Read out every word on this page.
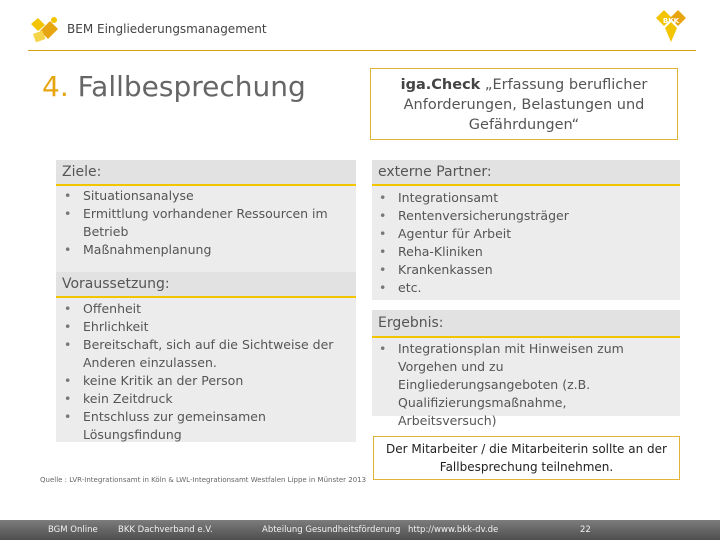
BEM Eingliederungsmanagement
BKK
4. Fallbesprechung	iga.Check „Erfassung beruflicher Anforderungen, Belastungen und Gefährdungen“
Ziele:
• Situationsanalyse
• Ermittlung vorhandener Ressourcen im Betrieb
• Maßnahmenplanung
Voraussetzung:
• Offenheit
• Ehrlichkeit
• Bereitschaft, sich auf die Sichtweise der Anderen einzulassen.
• keine Kritik an der Person
• kein Zeitdruck
• Entschluss zur gemeinsamen Lösungsfindung
externe Partner:
• Integrationsamt
• Rentenversicherungsträger
• Agentur für Arbeit
• Reha-Kliniken
• Krankenkassen
• etc.
Ergebnis:
• Integrationsplan mit Hinweisen zum Vorgehen und zu Eingliederungsangeboten (z.B. Qualifizierungsmaßnahme, Arbeitsversuch)
Der Mitarbeiter / die Mitarbeiterin sollte an der Fallbesprechung teilnehmen.
Quelle : LVR-Integrationsamt in Köln & LWL-Integrationsamt Westfalen Lippe in Münster 2013
BGM Online BKK Dachverband e.V.	Abteilung Gesundheitsförderung http://www.bkk-dv.de	22
